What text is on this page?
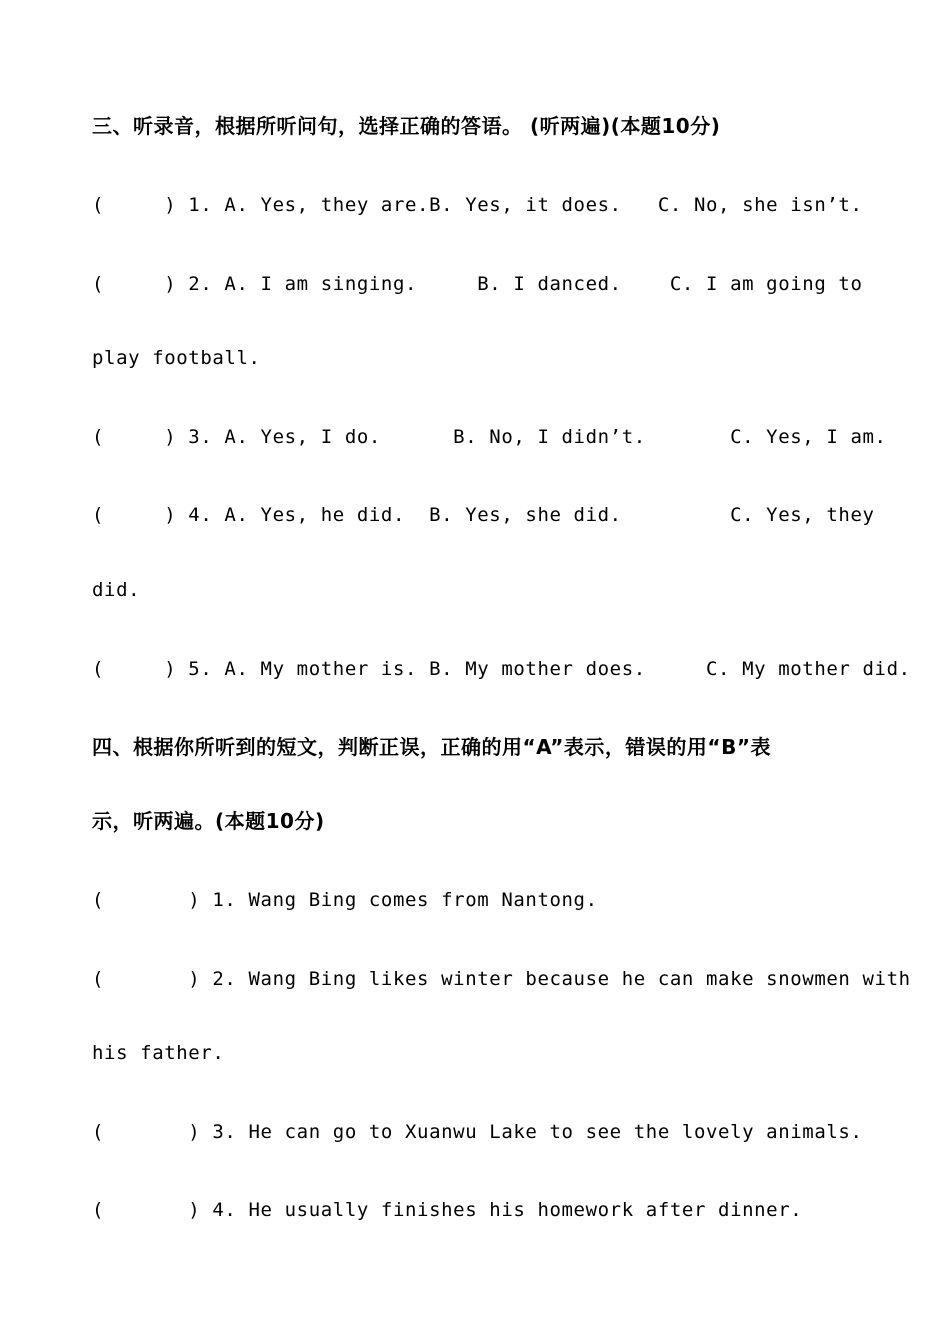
三、听录音，根据所听问句，选择正确的答语。 (听两遍)(本题10分)
(     ) 1. A. Yes, they are.B. Yes, it does.   C. No, she isn’t.
(     ) 2. A. I am singing.     B. I danced.    C. I am going to
play football.
(     ) 3. A. Yes, I do.      B. No, I didn’t.       C. Yes, I am.
(     ) 4. A. Yes, he did.  B. Yes, she did.         C. Yes, they
did.
(     ) 5. A. My mother is. B. My mother does.     C. My mother did.
四、根据你所听到的短文，判断正误，正确的用“A”表示，错误的用“B”表
示，听两遍。(本题10分)
(       ) 1. Wang Bing comes from Nantong.
(       ) 2. Wang Bing likes winter because he can make snowmen with
his father.
(       ) 3. He can go to Xuanwu Lake to see the lovely animals.
(       ) 4. He usually finishes his homework after dinner.
